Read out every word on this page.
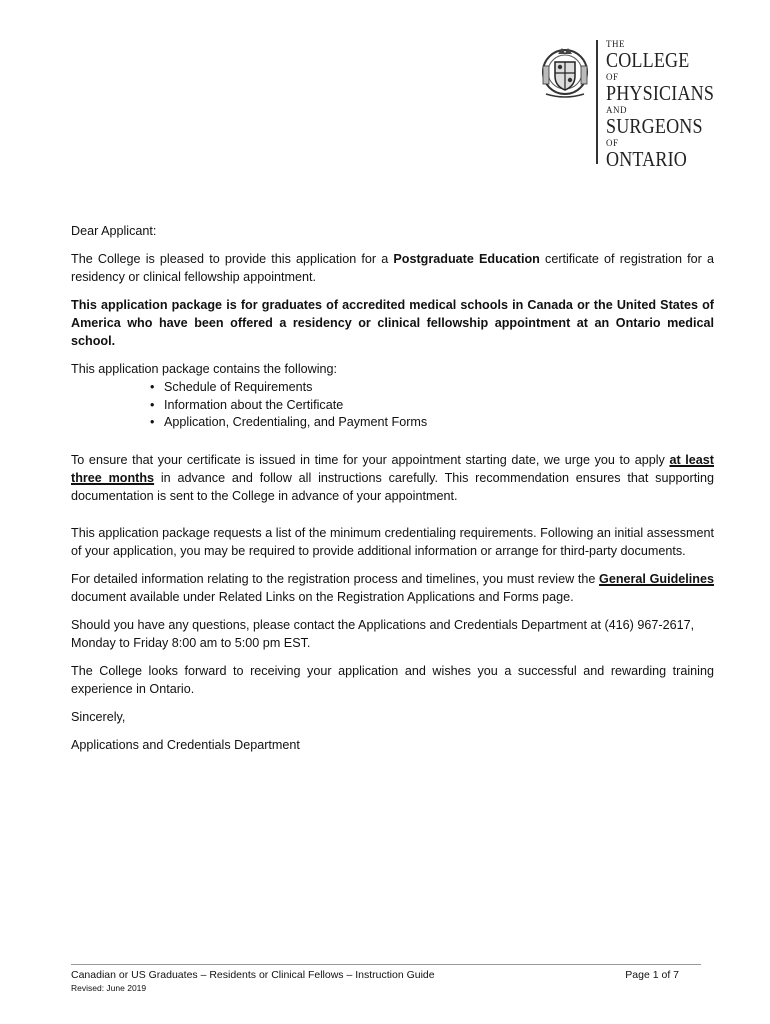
THE
COLLEGE
OF
PHYSICIANS
AND
SURGEONS
OF
ONTARIO

Dear Applicant:

The College is pleased to provide this application for a Postgraduate Education certificate of registration for a residency or clinical fellowship appointment.

This application package is for graduates of accredited medical schools in Canada or the United States of America who have been offered a residency or clinical fellowship appointment at an Ontario medical school.

This application package contains the following:

• Schedule of Requirements
• Information about the Certificate
• Application, Credentialing, and Payment Forms

To ensure that your certificate is issued in time for your appointment starting date, we urge you to apply at least three months in advance and follow all instructions carefully. This recommendation ensures that supporting documentation is sent to the College in advance of your appointment.

This application package requests a list of the minimum credentialing requirements. Following an initial assessment of your application, you may be required to provide additional information or arrange for third-party documents.

For detailed information relating to the registration process and timelines, you must review the General Guidelines document available under Related Links on the Registration Applications and Forms page.

Should you have any questions, please contact the Applications and Credentials Department at (416) 967-2617, Monday to Friday 8:00 am to 5:00 pm EST.

The College looks forward to receiving your application and wishes you a successful and rewarding training experience in Ontario.

Sincerely,

Applications and Credentials Department

Canadian or US Graduates – Residents or Clinical Fellows – Instruction Guide	Page 1 of 7
Revised: June 2019
